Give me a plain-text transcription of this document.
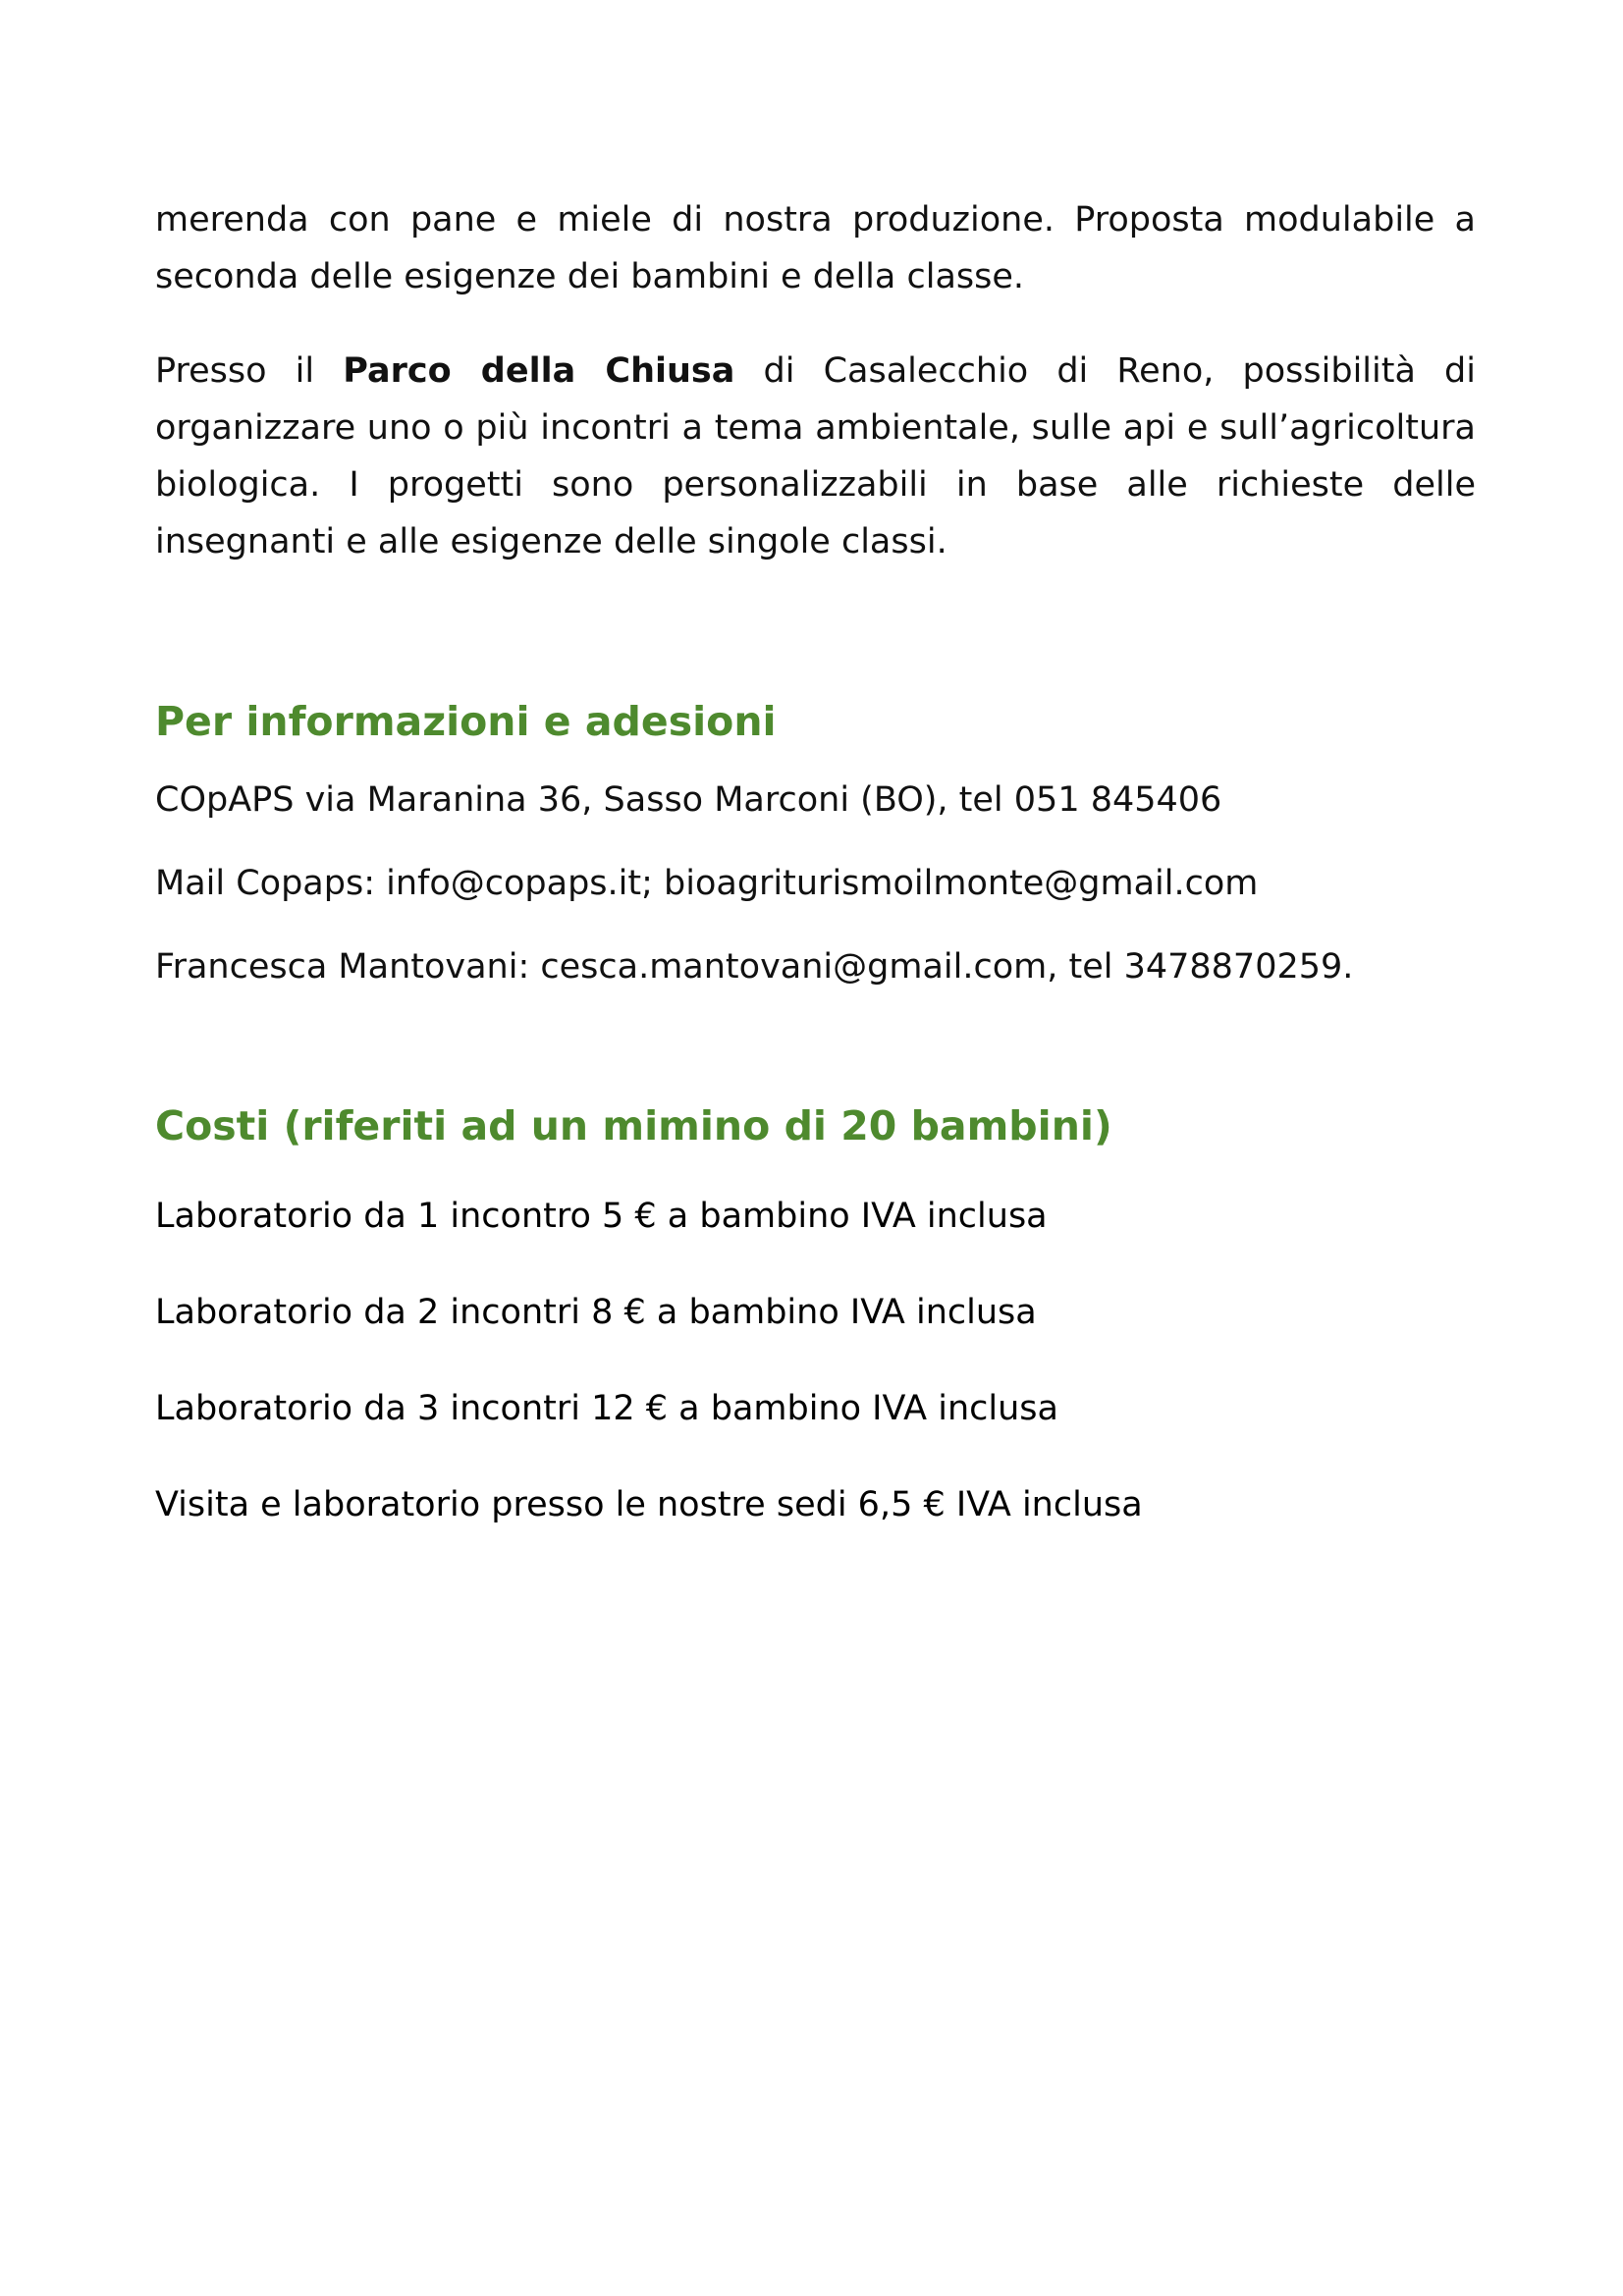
merenda con pane e miele di nostra produzione. Proposta modulabile a seconda delle esigenze dei bambini e della classe.

Presso il Parco della Chiusa di Casalecchio di Reno, possibilità di organizzare uno o più incontri a tema ambientale, sulle api e sull’agricoltura biologica. I progetti sono personalizzabili in base alle richieste delle insegnanti e alle esigenze delle singole classi.

Per informazioni e adesioni

COpAPS via Maranina 36, Sasso Marconi (BO), tel 051 845406

Mail Copaps: info@copaps.it; bioagriturismoilmonte@gmail.com

Francesca Mantovani: cesca.mantovani@gmail.com, tel 3478870259.

Costi (riferiti ad un mimino di 20 bambini)

Laboratorio da 1 incontro 5 € a bambino IVA inclusa

Laboratorio da 2 incontri 8 € a bambino IVA inclusa

Laboratorio da 3 incontri 12 € a bambino IVA inclusa

Visita e laboratorio presso le nostre sedi 6,5 € IVA inclusa
